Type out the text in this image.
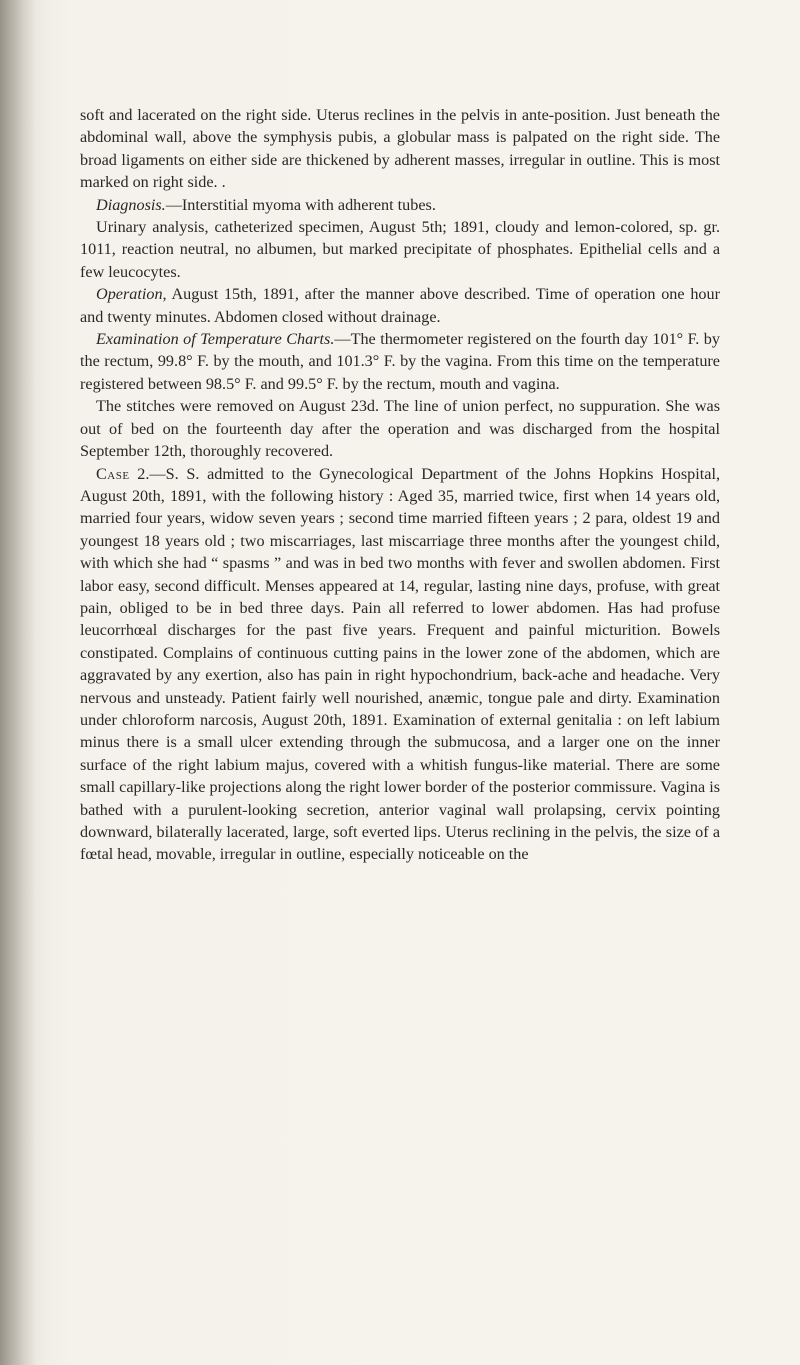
soft and lacerated on the right side. Uterus reclines in the pelvis in ante-position. Just beneath the abdominal wall, above the symphysis pubis, a globular mass is palpated on the right side. The broad ligaments on either side are thickened by adherent masses, irregular in outline. This is most marked on right side. .

Diagnosis.—Interstitial myoma with adherent tubes.

Urinary analysis, catheterized specimen, August 5th; 1891, cloudy and lemon-colored, sp. gr. 1011, reaction neutral, no albumen, but marked precipitate of phosphates. Epithelial cells and a few leucocytes.

Operation, August 15th, 1891, after the manner above described. Time of operation one hour and twenty minutes. Abdomen closed without drainage.

Examination of Temperature Charts.—The thermometer registered on the fourth day 101° F. by the rectum, 99.8° F. by the mouth, and 101.3° F. by the vagina. From this time on the temperature registered between 98.5° F. and 99.5° F. by the rectum, mouth and vagina.

The stitches were removed on August 23d. The line of union perfect, no suppuration. She was out of bed on the fourteenth day after the operation and was discharged from the hospital September 12th, thoroughly recovered.

Case 2.—S. S. admitted to the Gynecological Department of the Johns Hopkins Hospital, August 20th, 1891, with the following history : Aged 35, married twice, first when 14 years old, married four years, widow seven years ; second time married fifteen years ; 2 para, oldest 19 and youngest 18 years old ; two miscarriages, last miscarriage three months after the youngest child, with which she had “ spasms ” and was in bed two months with fever and swollen abdomen. First labor easy, second difficult. Menses appeared at 14, regular, lasting nine days, profuse, with great pain, obliged to be in bed three days. Pain all referred to lower abdomen. Has had profuse leucorrhœal discharges for the past five years. Frequent and painful micturition. Bowels constipated. Complains of continuous cutting pains in the lower zone of the abdomen, which are aggravated by any exertion, also has pain in right hypochondrium, back-ache and headache. Very nervous and unsteady. Patient fairly well nourished, anæmic, tongue pale and dirty. Examination under chloroform narcosis, August 20th, 1891. Examination of external genitalia : on left labium minus there is a small ulcer extending through the submucosa, and a larger one on the inner surface of the right labium majus, covered with a whitish fungus-like material. There are some small capillary-like projections along the right lower border of the posterior commissure. Vagina is bathed with a purulent-looking secretion, anterior vaginal wall prolapsing, cervix pointing downward, bilaterally lacerated, large, soft everted lips. Uterus reclining in the pelvis, the size of a fœtal head, movable, irregular in outline, especially noticeable on the
